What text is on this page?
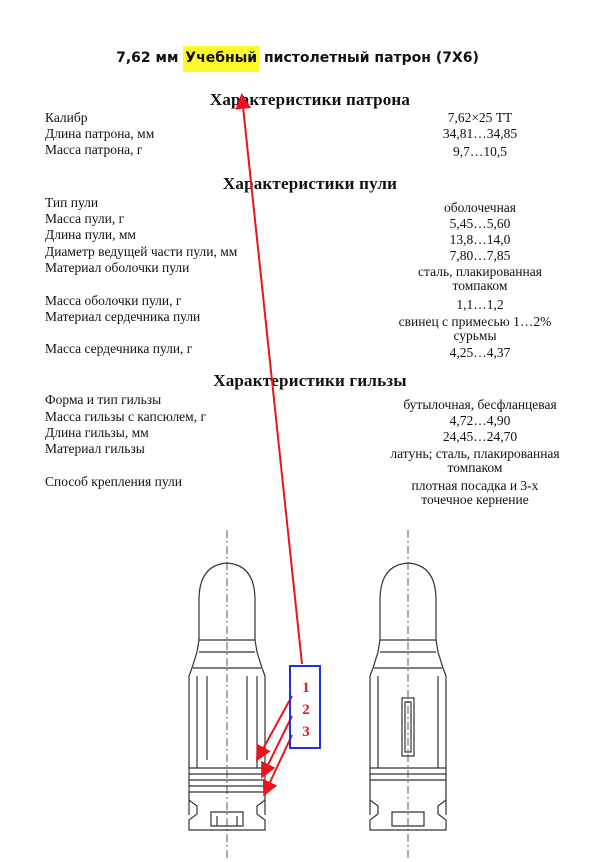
7,62 мм Учебный пистолетный патрон (7Х6)
Характеристики патрона
Калибр	7,62×25 ТТ
Длина патрона, мм	34,81…34,85
Масса патрона, г	9,7…10,5
Характеристики пули
Тип пули	оболочечная
Масса пули, г	5,45…5,60
Длина пули, мм	13,8…14,0
Диаметр ведущей части пули, мм	7,80…7,85
Материал оболочки пули	сталь, плакированная томпаком
Масса оболочки пули, г	1,1…1,2
Материал сердечника пули	свинец с примесью 1…2% сурьмы
Масса сердечника пули, г	4,25…4,37
Характеристики гильзы
Форма и тип гильзы	бутылочная, бесфланцевая
Масса гильзы с капсюлем, г	4,72…4,90
Длина гильзы, мм	24,45…24,70
Материал гильзы	латунь; сталь, плакированная томпаком
Способ крепления пули	плотная посадка и 3-х точечное кернение
1
2
3
